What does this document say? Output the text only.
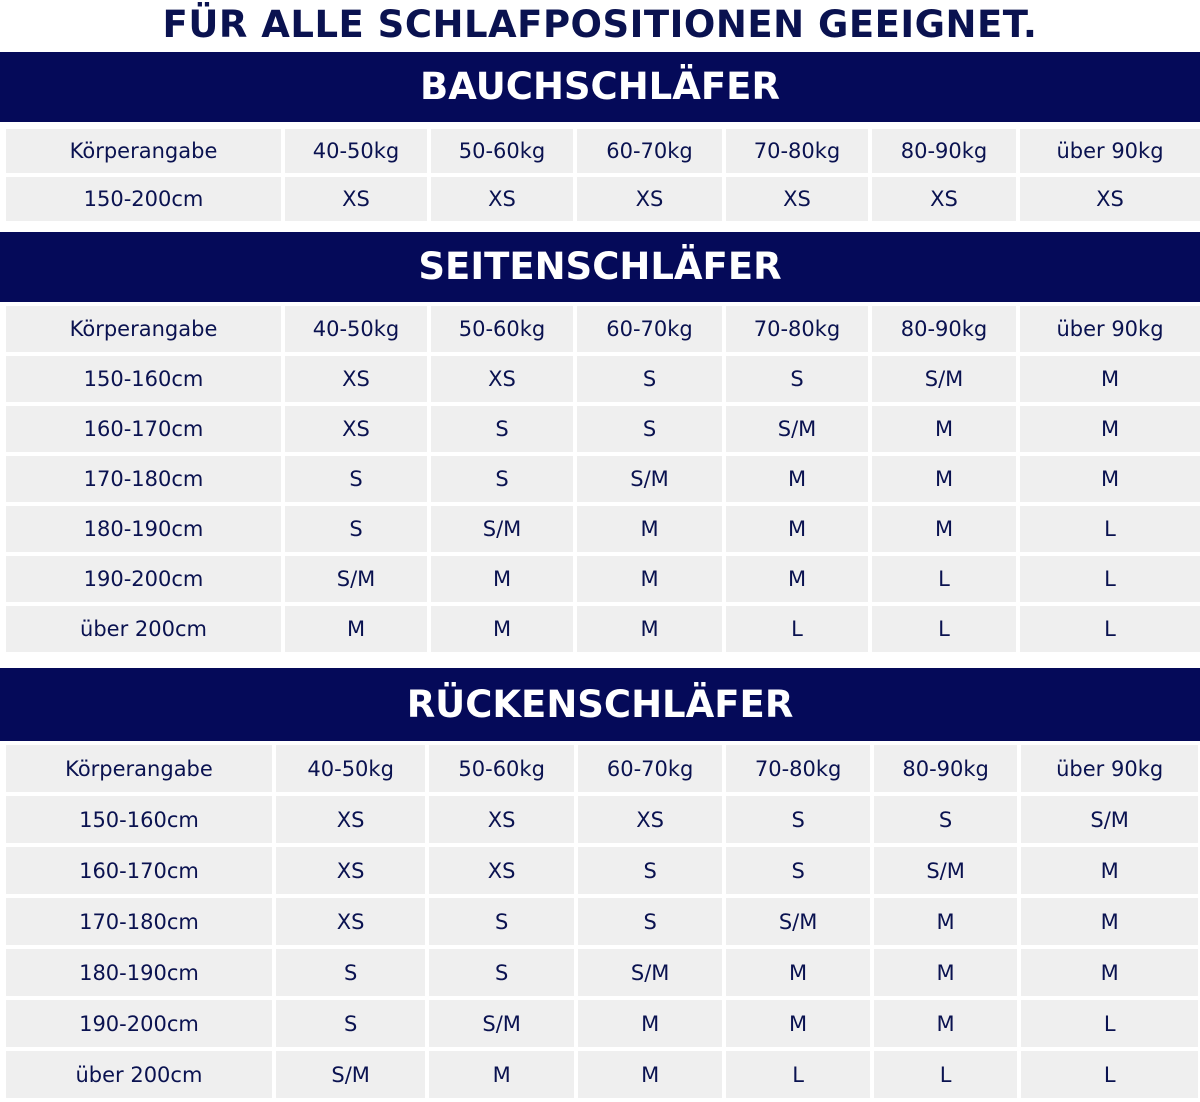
FÜR ALLE SCHLAFPOSITIONEN GEEIGNET.
BAUCHSCHLÄFER
Körperangabe	40-50kg	50-60kg	60-70kg	70-80kg	80-90kg	über 90kg
150-200cm	XS	XS	XS	XS	XS	XS
SEITENSCHLÄFER
Körperangabe	40-50kg	50-60kg	60-70kg	70-80kg	80-90kg	über 90kg
150-160cm	XS	XS	S	S	S/M	M
160-170cm	XS	S	S	S/M	M	M
170-180cm	S	S	S/M	M	M	M
180-190cm	S	S/M	M	M	M	L
190-200cm	S/M	M	M	M	L	L
über 200cm	M	M	M	L	L	L
RÜCKENSCHLÄFER
Körperangabe	40-50kg	50-60kg	60-70kg	70-80kg	80-90kg	über 90kg
150-160cm	XS	XS	XS	S	S	S/M
160-170cm	XS	XS	S	S	S/M	M
170-180cm	XS	S	S	S/M	M	M
180-190cm	S	S	S/M	M	M	M
190-200cm	S	S/M	M	M	M	L
über 200cm	S/M	M	M	L	L	L
